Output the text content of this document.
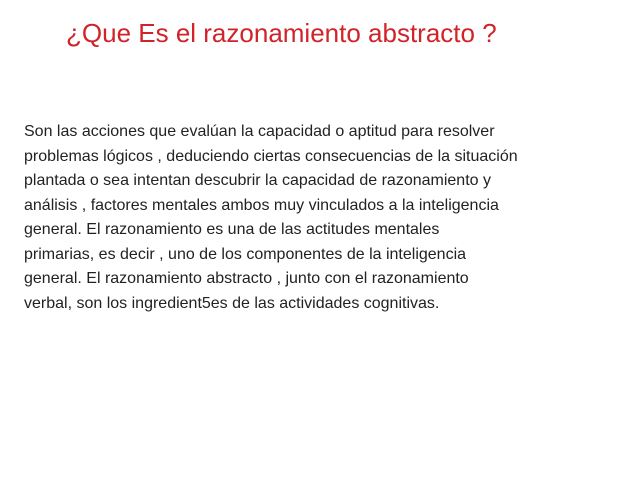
¿Que Es el razonamiento abstracto ?

Son las acciones que evalúan la capacidad o aptitud para resolver
problemas lógicos , deduciendo ciertas consecuencias de la situación
plantada o sea intentan descubrir la capacidad de razonamiento y
análisis , factores mentales ambos muy vinculados a la inteligencia
general. El razonamiento es una de las actitudes mentales
primarias, es decir , uno de los componentes de la inteligencia
general. El razonamiento abstracto , junto con el razonamiento
verbal, son los ingredient5es de las actividades cognitivas.
